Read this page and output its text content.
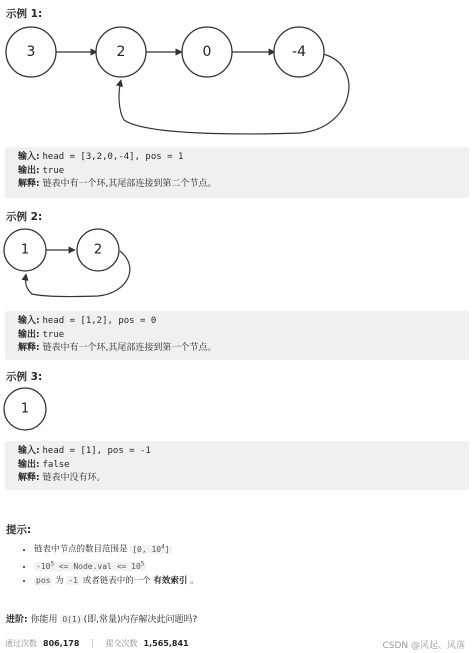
示例 1:
3	2	0	-4
输入: head = [3,2,0,-4], pos = 1
输出: true
解释: 链表中有一个环,其尾部连接到第二个节点。
示例 2:
1	2
输入: head = [1,2], pos = 0
输出: true
解释: 链表中有一个环,其尾部连接到第一个节点。
示例 3:
1
输入: head = [1], pos = -1
输出: false
解释: 链表中没有环。
提示:
• 链表中节点的数目范围是 [0, $10^4$]
• $-10^5$ <= Node.val <= $10^5$
• pos 为 -1 或者链表中的一个 有效索引 。
进阶: 你能用 O(1) (即,常量)内存解决此问题吗?
通过次数 806,178	提交次数 1,565,841	CSDN @风起、风落
